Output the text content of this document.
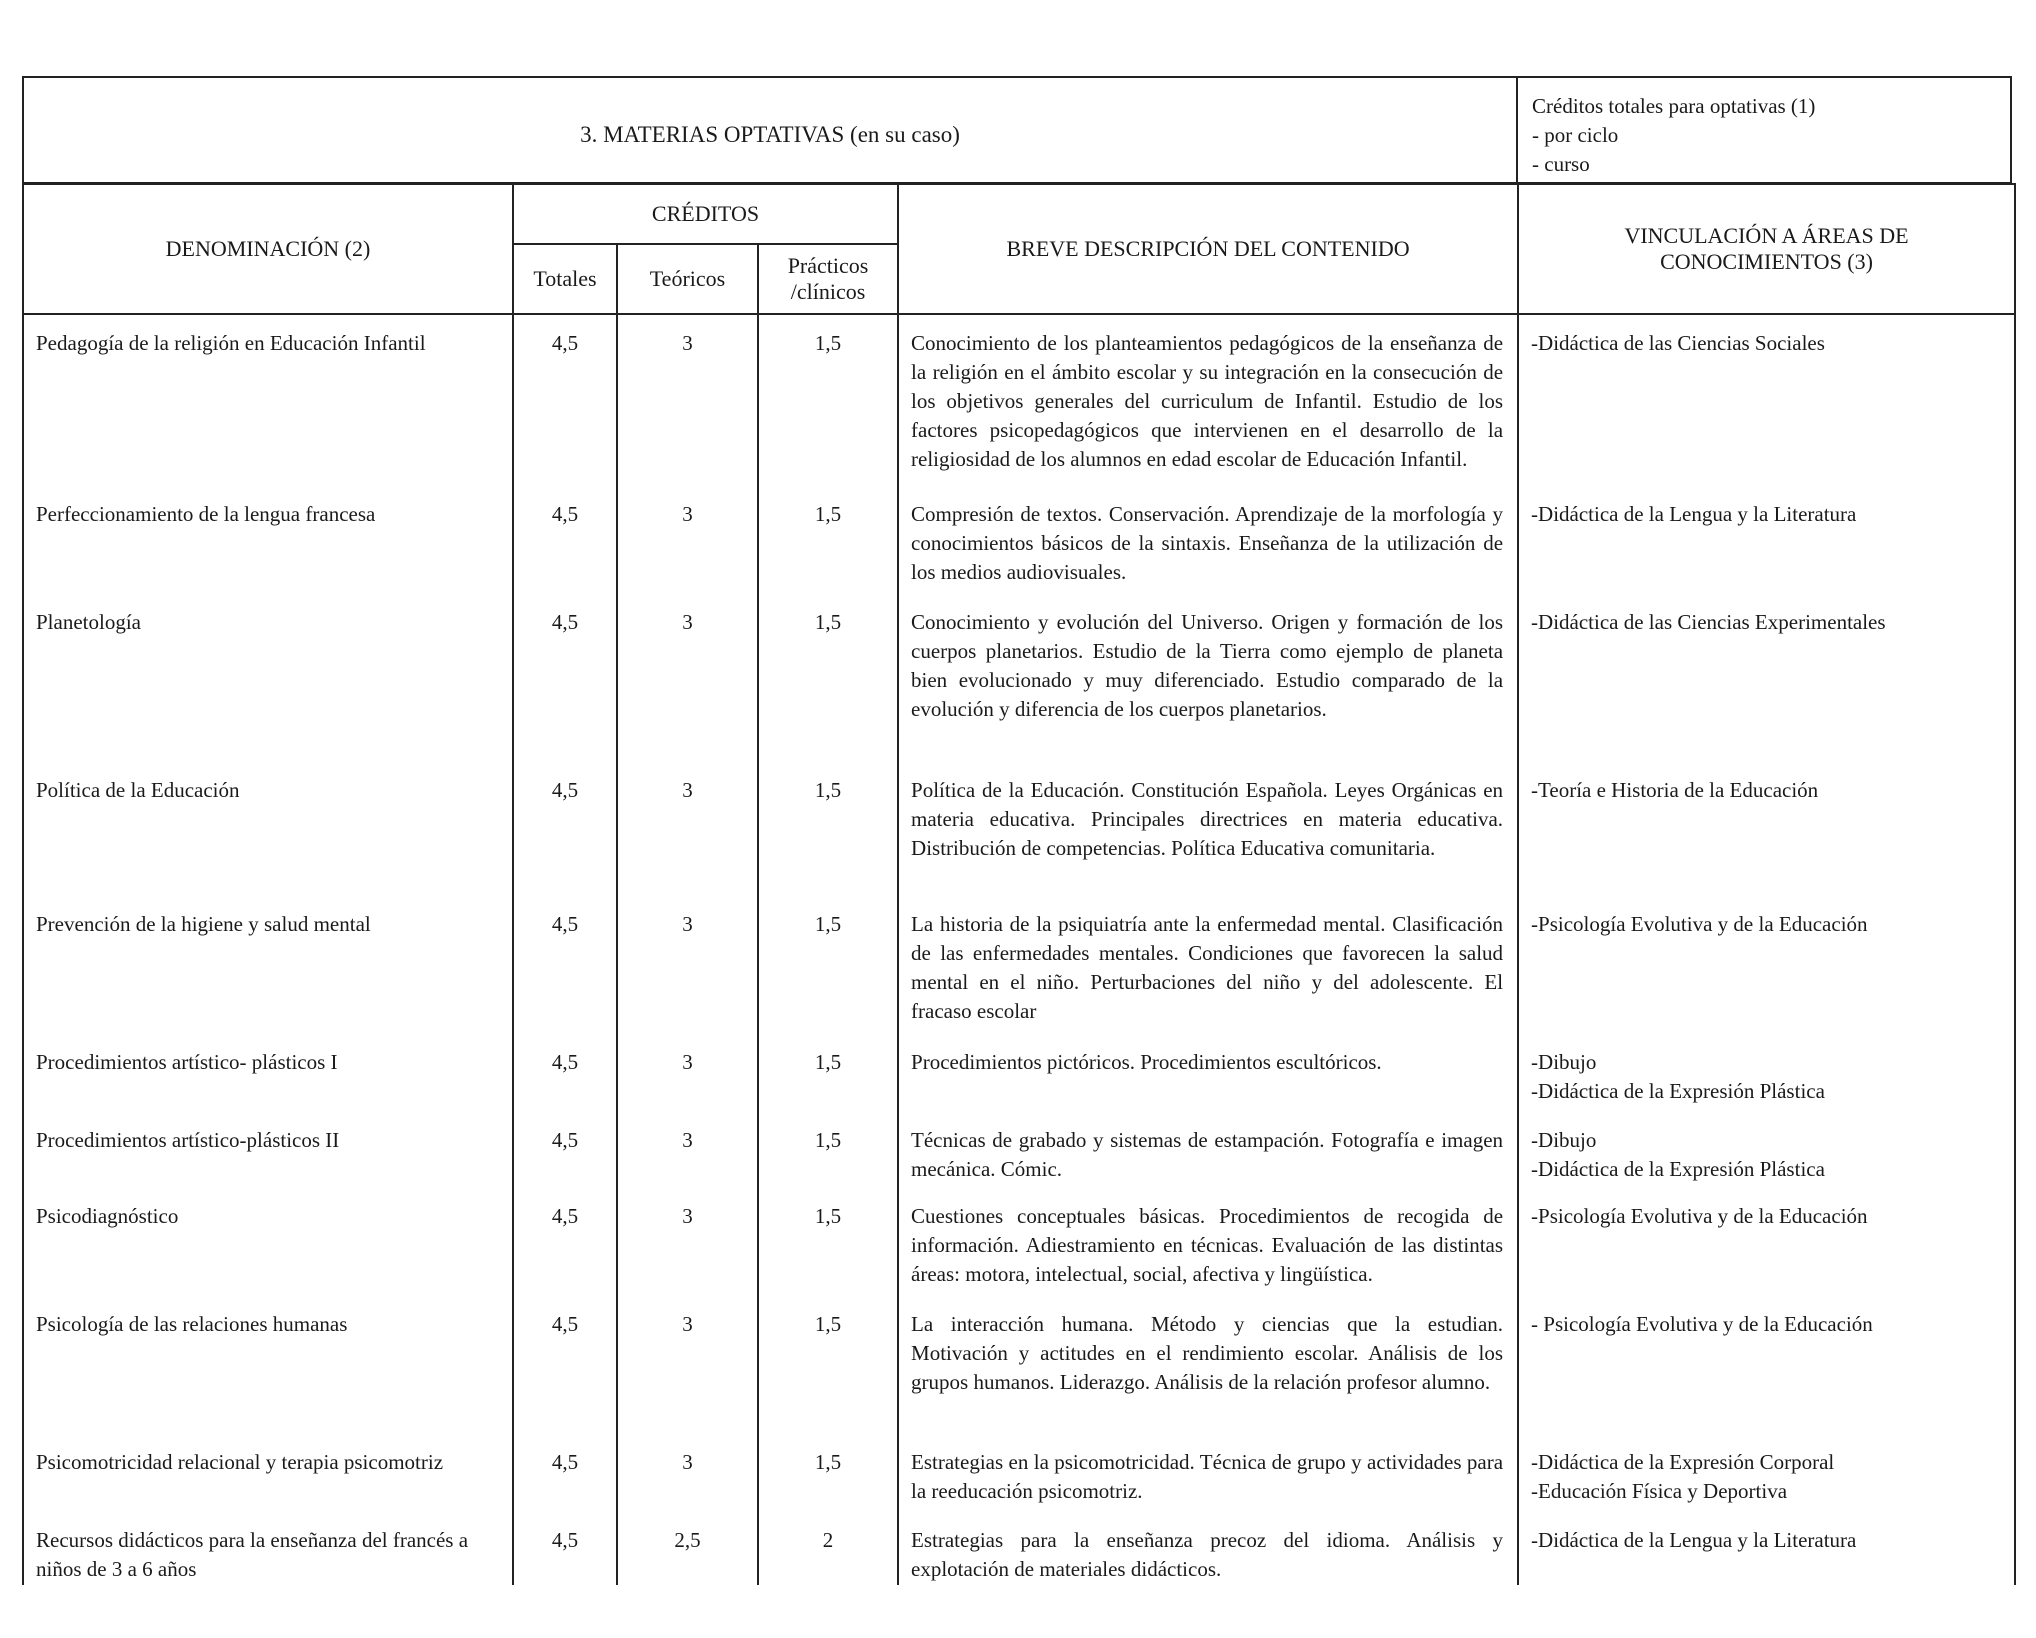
3. MATERIAS OPTATIVAS (en su caso)
Créditos totales para optativas (1)
- por ciclo
- curso
DENOMINACIÓN (2)	CRÉDITOS			BREVE DESCRIPCIÓN DEL CONTENIDO	VINCULACIÓN A ÁREAS DE CONOCIMIENTOS (3)
	Totales	Teóricos	Prácticos /clínicos		
Pedagogía de la religión en Educación Infantil	4,5	3	1,5	Conocimiento de los planteamientos pedagógicos de la enseñanza de la religión en el ámbito escolar y su integración en la consecución de los objetivos generales del curriculum de Infantil. Estudio de los factores psicopedagógicos que intervienen en el desarrollo de la religiosidad de los alumnos en edad escolar de Educación Infantil.	-Didáctica de las Ciencias Sociales

Perfeccionamiento de la lengua francesa	4,5	3	1,5	Compresión de textos. Conservación. Aprendizaje de la morfología y conocimientos básicos de la sintaxis. Enseñanza de la utilización de los medios audiovisuales.	-Didáctica de la Lengua y la Literatura

Planetología	4,5	3	1,5	Conocimiento y evolución del Universo. Origen y formación de los cuerpos planetarios. Estudio de la Tierra como ejemplo de planeta bien evolucionado y muy diferenciado. Estudio comparado de la evolución y diferencia de los cuerpos planetarios.	-Didáctica de las Ciencias Experimentales

Política de la Educación	4,5	3	1,5	Política de la Educación. Constitución Española. Leyes Orgánicas en materia educativa. Principales directrices en materia educativa. Distribución de competencias. Política Educativa comunitaria.	-Teoría e Historia de la Educación

Prevención de la higiene y salud mental	4,5	3	1,5	La historia de la psiquiatría ante la enfermedad mental. Clasificación de las enfermedades mentales. Condiciones que favorecen la salud mental en el niño. Perturbaciones del niño y del adolescente. El fracaso escolar	-Psicología Evolutiva y de la Educación

Procedimientos artístico- plásticos I	4,5	3	1,5	Procedimientos pictóricos. Procedimientos escultóricos.	-Dibujo
-Didáctica de la Expresión Plástica

Procedimientos artístico-plásticos II	4,5	3	1,5	Técnicas de grabado y sistemas de estampación. Fotografía e imagen mecánica. Cómic.	-Dibujo
-Didáctica de la Expresión Plástica

Psicodiagnóstico	4,5	3	1,5	Cuestiones conceptuales básicas. Procedimientos de recogida de información. Adiestramiento en técnicas. Evaluación de las distintas áreas: motora, intelectual, social, afectiva y lingüística.	-Psicología Evolutiva y de la Educación

Psicología de las relaciones humanas	4,5	3	1,5	La interacción humana. Método y ciencias que la estudian. Motivación y actitudes en el rendimiento escolar. Análisis de los grupos humanos. Liderazgo. Análisis de la relación profesor alumno.	- Psicología Evolutiva y de la Educación

Psicomotricidad relacional y terapia psicomotriz	4,5	3	1,5	Estrategias en la psicomotricidad. Técnica de grupo y actividades para la reeducación psicomotriz.	-Didáctica de la Expresión Corporal
-Educación Física y Deportiva

Recursos didácticos para la enseñanza del francés a niños de 3 a 6 años	4,5	2,5	2	Estrategias para la enseñanza precoz del idioma. Análisis y explotación de materiales didácticos.	-Didáctica de la Lengua y la Literatura
